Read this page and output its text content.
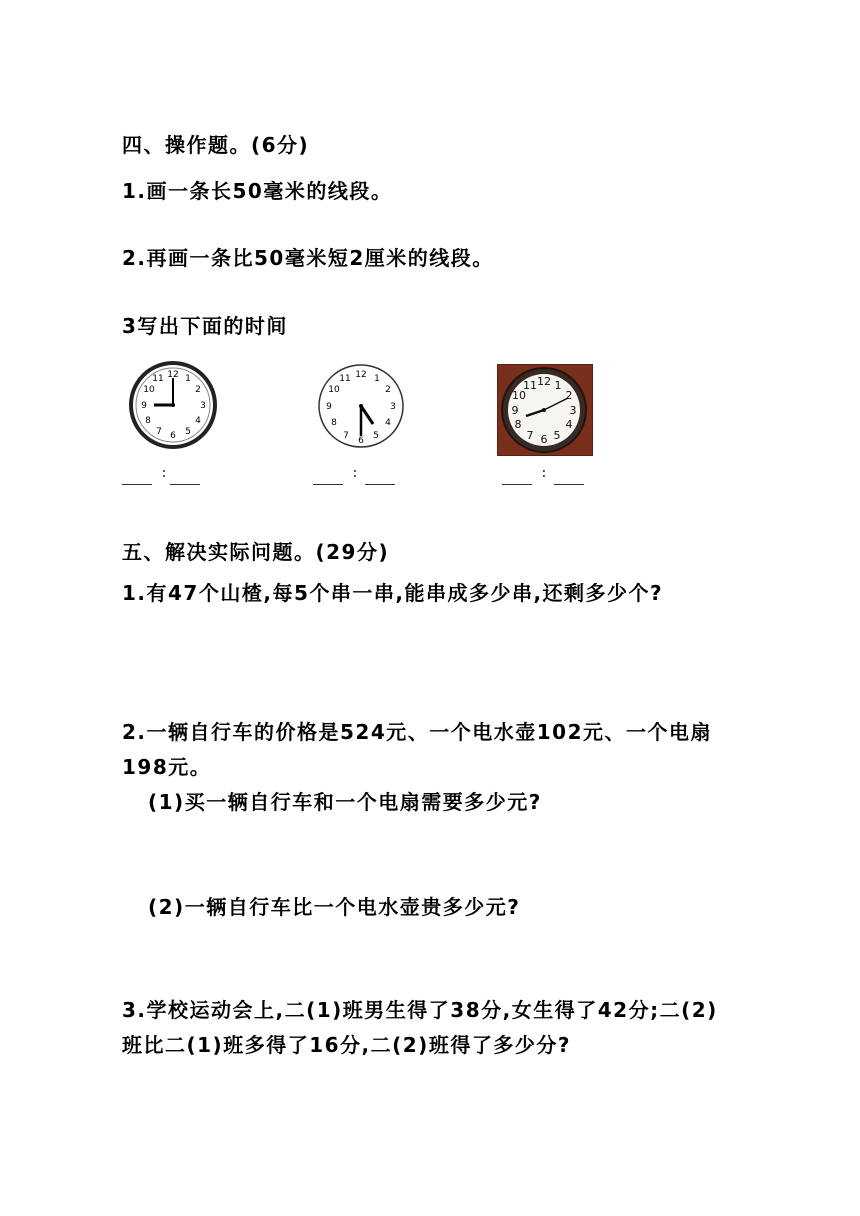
四、操作题。(6分)
1.画一条长50毫米的线段。
2.再画一条比50毫米短2厘米的线段。
3写出下面的时间
12 1
2
3
4
5
6
7
8
9
10
11	12 1
2
3
4
5
6
7
8
9
10
11	12 1
2
3
4
5
6
7
8
9
10
11
:	:	:
五、解决实际问题。(29分)
1.有47个山楂,每5个串一串,能串成多少串,还剩多少个?
2.一辆自行车的价格是524元、一个电水壶102元、一个电扇
198元。
(1)买一辆自行车和一个电扇需要多少元?
(2)一辆自行车比一个电水壶贵多少元?
3.学校运动会上,二(1)班男生得了38分,女生得了42分;二(2)
班比二(1)班多得了16分,二(2)班得了多少分?
